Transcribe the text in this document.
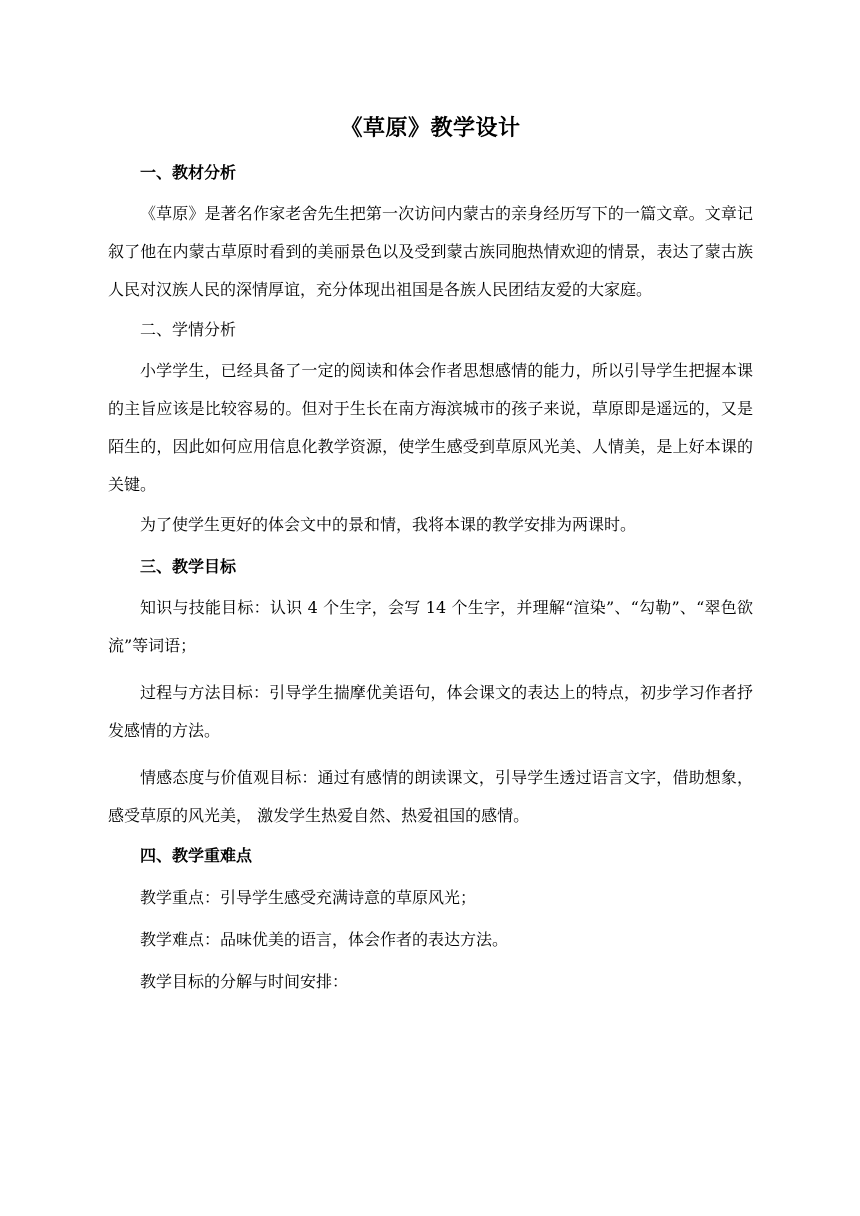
《草原》教学设计
一、教材分析

《草原》是著名作家老舍先生把第一次访问内蒙古的亲身经历写下的一篇文章。文章记叙了他在内蒙古草原时看到的美丽景色以及受到蒙古族同胞热情欢迎的情景，表达了蒙古族人民对汉族人民的深情厚谊，充分体现出祖国是各族人民团结友爱的大家庭。

二、学情分析

小学学生，已经具备了一定的阅读和体会作者思想感情的能力，所以引导学生把握本课的主旨应该是比较容易的。但对于生长在南方海滨城市的孩子来说，草原即是遥远的，又是陌生的，因此如何应用信息化教学资源，使学生感受到草原风光美、人情美，是上好本课的关键。

为了使学生更好的体会文中的景和情，我将本课的教学安排为两课时。
三、教学目标

知识与技能目标：认识 4 个生字，会写 14 个生字，并理解“渲染”、“勾勒”、“翠色欲流”等词语；

过程与方法目标：引导学生揣摩优美语句，体会课文的表达上的特点，初步学习作者抒发感情的方法。

情感态度与价值观目标：通过有感情的朗读课文，引导学生透过语言文字，借助想象，感受草原的风光美， 激发学生热爱自然、热爱祖国的感情。

四、教学重难点
教学重点：引导学生感受充满诗意的草原风光；
教学难点：品味优美的语言，体会作者的表达方法。
教学目标的分解与时间安排：
